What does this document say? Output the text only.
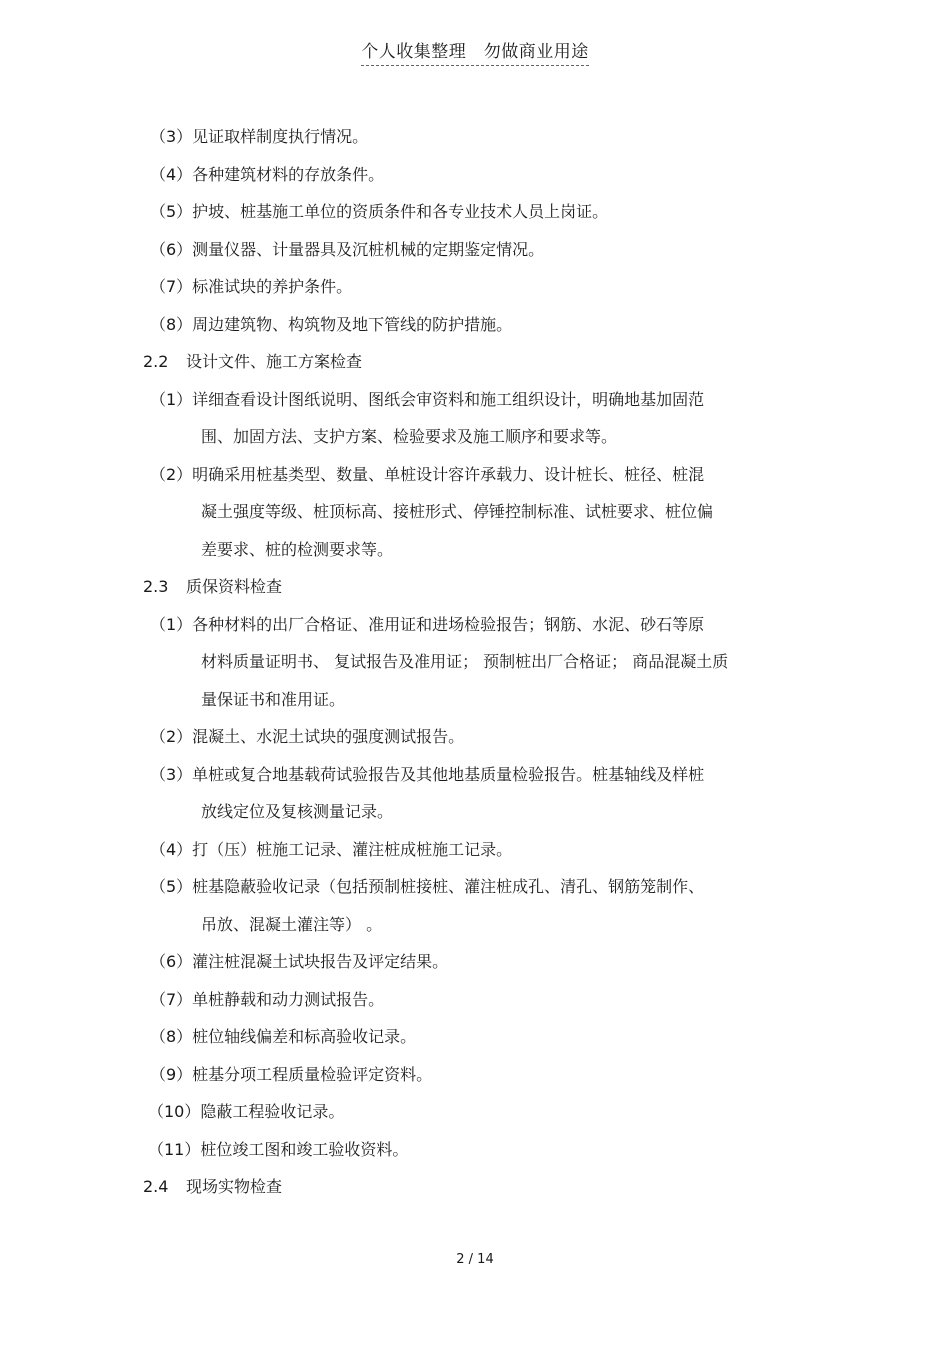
个人收集整理　勿做商业用途
（3）见证取样制度执行情况。
（4）各种建筑材料的存放条件。
（5）护坡、桩基施工单位的资质条件和各专业技术人员上岗证。
（6）测量仪器、计量器具及沉桩机械的定期鉴定情况。
（7）标准试块的养护条件。
（8）周边建筑物、构筑物及地下管线的防护措施。
2.2 设计文件、施工方案检查
（1）详细查看设计图纸说明、图纸会审资料和施工组织设计，明确地基加固范
围、加固方法、支护方案、检验要求及施工顺序和要求等。
（2）明确采用桩基类型、数量、单桩设计容许承载力、设计桩长、桩径、桩混
凝土强度等级、桩顶标高、接桩形式、停锤控制标准、试桩要求、桩位偏
差要求、桩的检测要求等。
2.3 质保资料检查
（1）各种材料的出厂合格证、准用证和进场检验报告；钢筋、水泥、砂石等原
材料质量证明书、 复试报告及准用证； 预制桩出厂合格证； 商品混凝土质
量保证书和准用证。
（2）混凝土、水泥土试块的强度测试报告。
（3）单桩或复合地基载荷试验报告及其他地基质量检验报告。桩基轴线及样桩
放线定位及复核测量记录。
（4）打（压）桩施工记录、灌注桩成桩施工记录。
（5）桩基隐蔽验收记录（包括预制桩接桩、灌注桩成孔、清孔、钢筋笼制作、
吊放、混凝土灌注等） 。
（6）灌注桩混凝土试块报告及评定结果。
（7）单桩静载和动力测试报告。
（8）桩位轴线偏差和标高验收记录。
（9）桩基分项工程质量检验评定资料。
（10）隐蔽工程验收记录。
（11）桩位竣工图和竣工验收资料。
2.4 现场实物检查
2 / 14
